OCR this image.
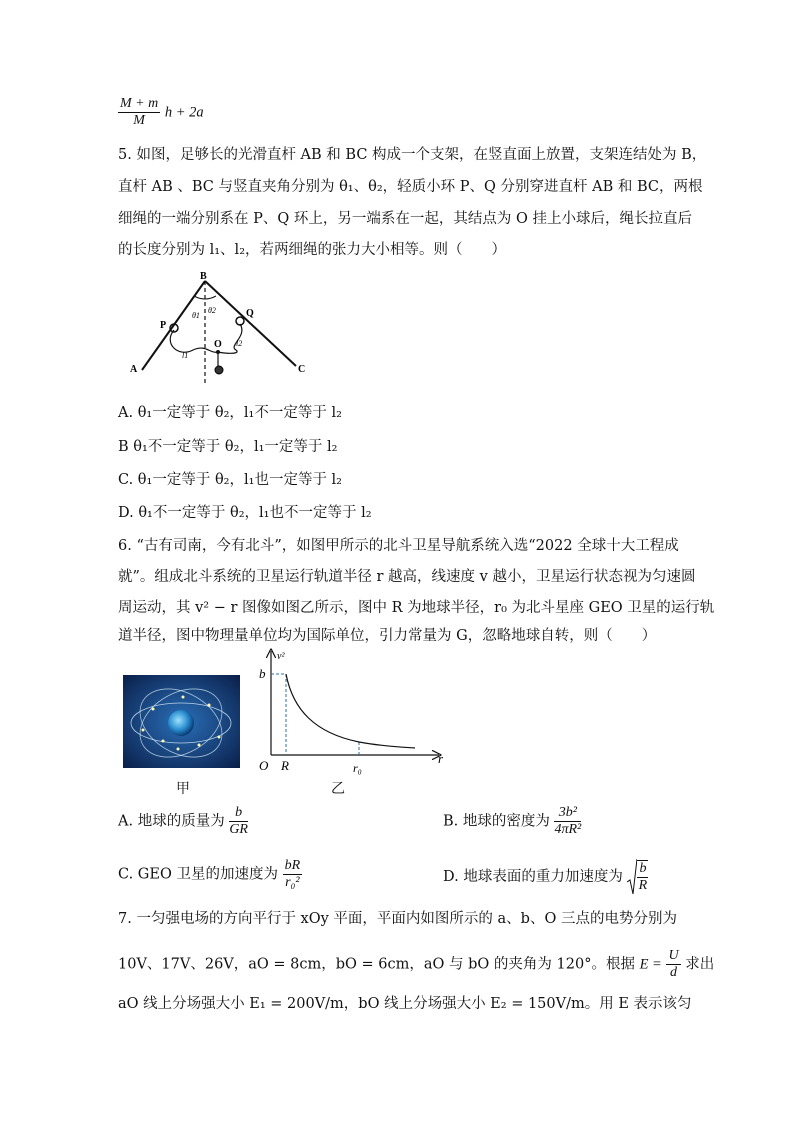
$\frac{M + m}{M}$ h + 2a
5. 如图，足够长的光滑直杆 AB 和 BC 构成一个支架，在竖直面上放置，支架连结处为 B，
直杆 AB 、BC 与竖直夹角分别为 θ₁、θ₂，轻质小环 P、Q 分别穿进直杆 AB 和 BC，两根
细绳的一端分别系在 P、Q 环上，另一端系在一起，其结点为 O 挂上小球后，绳长拉直后
的长度分别为 l₁、l₂，若两细绳的张力大小相等。则（　　）
B
P
Q
O
A	C
θ1
θ2
l1
l2
A. θ₁一定等于 θ₂，l₁不一定等于 l₂
B θ₁不一定等于 θ₂，l₁一定等于 l₂
C. θ₁一定等于 θ₂，l₁也一定等于 l₂
D. θ₁不一定等于 θ₂，l₁也不一定等于 l₂
6. “古有司南，今有北斗”，如图甲所示的北斗卫星导航系统入选“2022 全球十大工程成
就”。组成北斗系统的卫星运行轨道半径 r 越高，线速度 v 越小，卫星运行状态视为匀速圆
周运动，其 v² − r 图像如图乙所示，图中 R 为地球半径，r₀ 为北斗星座 GEO 卫星的运行轨
道半径，图中物理量单位均为国际单位，引力常量为 G，忽略地球自转，则（　　）
甲
v²
b
O R	r₀
r
乙
A. 地球的质量为 $\frac{b}{GR}$	B. 地球的密度为 $\frac{\text{3b²}}{\text{4πR²}}$
C. GEO 卫星的加速度为 $\frac{bR}{\text{r₀²}}$	D. 地球表面的重力加速度为 $\frac{b}{R}$
7. 一匀强电场的方向平行于 xOy 平面，平面内如图所示的 a、b、O 三点的电势分别为
10V、17V、26V，aO = 8cm，bO = 6cm，aO 与 bO 的夹角为 120°。根据 $E = \frac{U}{d}$ 求出
aO 线上分场强大小 E₁ = 200V/m，bO 线上分场强大小 E₂ = 150V/m。用 E 表示该匀
